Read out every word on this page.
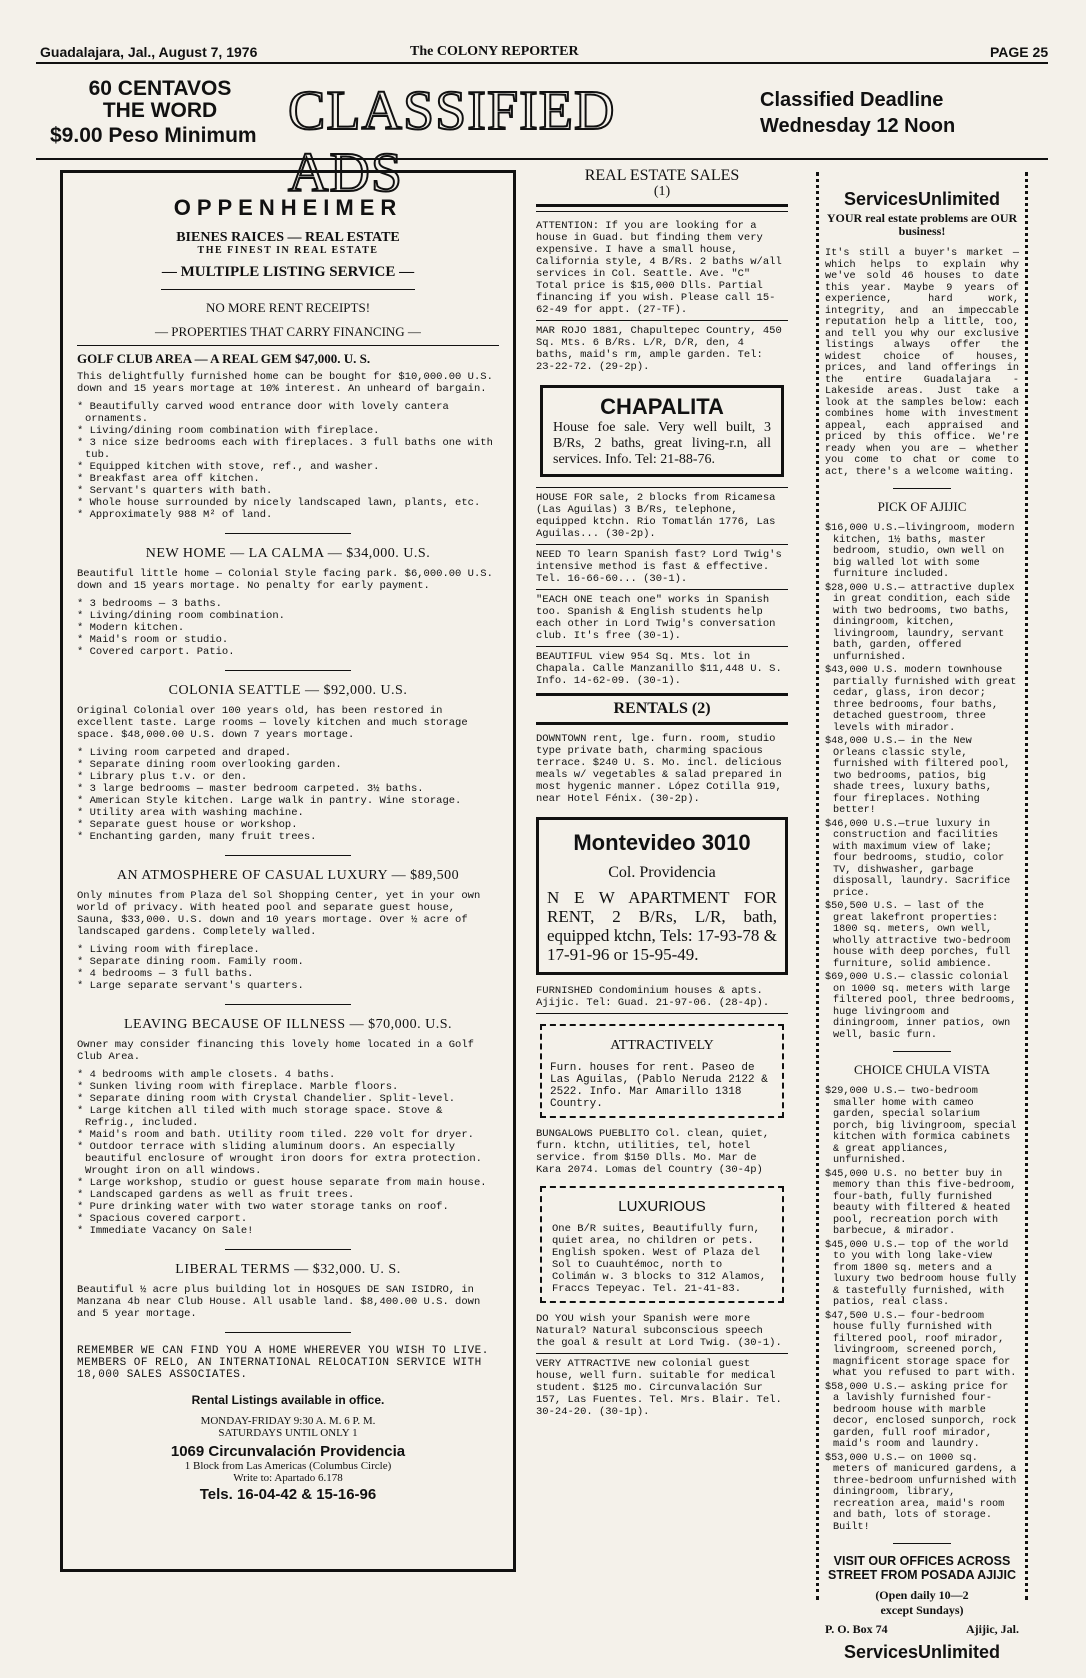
Guadalajara, Jal., August 7, 1976	The COLONY REPORTER	PAGE 25
60 CENTAVOS
THE WORD
$9.00 Peso Minimum CLASSIFIED ADS
Classified Deadline
Wednesday 12 Noon
OPPENHEIMER
BIENES RAICES — REAL ESTATE
THE FINEST IN REAL ESTATE
— MULTIPLE LISTING SERVICE —
NO MORE RENT RECEIPTS!
— PROPERTIES THAT CARRY FINANCING —
GOLF CLUB AREA — A REAL GEM $47,000. U. S.

This delightfully furnished home can be bought for $10,000.00 U.S. down and 15 years mortage at 10% interest. An unheard of bargain.

* Beautifully carved wood entrance door with lovely cantera ornaments.

* Living/dining room combination with fireplace.

* 3 nice size bedrooms each with fireplaces. 3 full baths one with tub.

* Equipped kitchen with stove, ref., and washer.

* Breakfast area off kitchen.

* Servant's quarters with bath.

* Whole house surrounded by nicely landscaped lawn, plants, etc.

* Approximately 988 M² of land.

NEW HOME — LA CALMA — $34,000. U.S.

Beautiful little home — Colonial Style facing park. $6,000.00 U.S. down and 15 years mortage. No penalty for early payment.

* 3 bedrooms — 3 baths.

* Living/dining room combination.

* Modern kitchen.

* Maid's room or studio.

* Covered carport. Patio.

COLONIA SEATTLE — $92,000. U.S.

Original Colonial over 100 years old, has been restored in excellent taste. Large rooms — lovely kitchen and much storage space. $48,000.00 U.S. down 7 years mortage.

* Living room carpeted and draped.

* Separate dining room overlooking garden.

* Library plus t.v. or den.

* 3 large bedrooms — master bedroom carpeted. 3½ baths.

* American Style kitchen. Large walk in pantry. Wine storage.

* Utility area with washing machine.

* Separate guest house or workshop.

* Enchanting garden, many fruit trees.

AN ATMOSPHERE OF CASUAL LUXURY — $89,500

Only minutes from Plaza del Sol Shopping Center, yet in your own world of privacy. With heated pool and separate guest house, Sauna, $33,000. U.S. down and 10 years mortage. Over ½ acre of landscaped gardens. Completely walled.

* Living room with fireplace.

* Separate dining room. Family room.

* 4 bedrooms — 3 full baths.

* Large separate servant's quarters.

LEAVING BECAUSE OF ILLNESS — $70,000. U.S.

Owner may consider financing this lovely home located in a Golf Club Area.

* 4 bedrooms with ample closets. 4 baths.

* Sunken living room with fireplace. Marble floors.

* Separate dining room with Crystal Chandelier. Split-level.

* Large kitchen all tiled with much storage space. Stove & Refrig., included.

* Maid's room and bath. Utility room tiled. 220 volt for dryer.

* Outdoor terrace with sliding aluminum doors. An especially beautiful enclosure of wrought iron doors for extra protection. Wrought iron on all windows.

* Large workshop, studio or guest house separate from main house.

* Landscaped gardens as well as fruit trees.

* Pure drinking water with two water storage tanks on roof.

* Spacious covered carport.

* Immediate Vacancy On Sale!

LIBERAL TERMS — $32,000. U. S.

Beautiful ½ acre plus building lot in HOSQUES DE SAN ISIDRO, in Manzana 4b near Club House. All usable land. $8,400.00 U.S. down and 5 year mortage.

REMEMBER WE CAN FIND YOU A HOME WHEREVER YOU WISH TO LIVE. MEMBERS OF RELO, AN INTERNATIONAL RELOCATION SERVICE WITH 18,000 SALES ASSOCIATES.

Rental Listings available in office.
MONDAY-FRIDAY 9:30 A. M. 6 P. M.
SATURDAYS UNTIL ONLY 1
1069 Circunvalación Providencia
1 Block from Las Americas (Columbus Circle)
Write to: Apartado 6.178
Tels. 16-04-42 & 15-16-96
REAL ESTATE SALES
(1)
ATTENTION: If you are looking for a house in Guad. but finding them very expensive. I have a small house, California style, 4 B/Rs. 2 baths w/all services in Col. Seattle. Ave. "C" Total price is $15,000 Dlls. Partial financing if you wish. Please call 15-62-49 for appt. (27-TF).
MAR ROJO 1881, Chapultepec Country, 450 Sq. Mts. 6 B/Rs. L/R, D/R, den, 4 baths, maid's rm, ample garden. Tel: 23-22-72. (29-2p).
CHAPALITA
House foe sale. Very well built, 3 B/Rs, 2 baths, great living-r.n, all services. Info. Tel: 21-88-76.
HOUSE FOR sale, 2 blocks from Ricamesa (Las Aguilas) 3 B/Rs, telephone, equipped ktchn. Rio Tomatlán 1776, Las Aguilas... (30-2p).
NEED TO learn Spanish fast? Lord Twig's intensive method is fast & effective. Tel. 16-66-60... (30-1).
"EACH ONE teach one" works in Spanish too. Spanish & English students help each other in Lord Twig's conversation club. It's free (30-1).
BEAUTIFUL view 954 Sq. Mts. lot in Chapala. Calle Manzanillo $11,448 U. S. Info. 14-62-09. (30-1).
RENTALS (2)
DOWNTOWN rent, lge. furn. room, studio type private bath, charming spacious terrace. $240 U. S. Mo. incl. delicious meals w/ vegetables & salad prepared in most hygenic manner. López Cotilla 919, near Hotel Fénix. (30-2p).
Montevideo 3010
Col. Providencia
N E W APARTMENT FOR RENT, 2 B/Rs, L/R, bath, equipped ktchn, Tels: 17-93-78 & 17-91-96 or 15-95-49.
FURNISHED Condominium houses & apts. Ajijic. Tel: Guad. 21-97-06. (28-4p).
ATTRACTIVELY
Furn. houses for rent. Paseo de Las Aguilas, (Pablo Neruda 2122 & 2522. Info. Mar Amarillo 1318 Country.
BUNGALOWS PUEBLITO Col. clean, quiet, furn. ktchn, utilities, tel, hotel service. from $150 Dlls. Mo. Mar de Kara 2074. Lomas del Country (30-4p)
LUXURIOUS
One B/R suites, Beautifully furn, quiet area, no children or pets. English spoken. West of Plaza del Sol to Cuauhtémoc, north to Colimán w. 3 blocks to 312 Alamos, Fraccs Tepeyac. Tel. 21-41-83.
DO YOU wish your Spanish were more Natural? Natural subconscious speech the goal & result at Lord Twig. (30-1).
VERY ATTRACTIVE new colonial guest house, well furn. suitable for medical student. $125 mo. Circunvalación Sur 157, Las Fuentes. Tel. Mrs. Blair. Tel. 30-24-20. (30-1p).
ServicesUnlimited
YOUR real estate problems are OUR business!

It's still a buyer's market — which helps to explain why we've sold 46 houses to date this year. Maybe 9 years of experience, hard work, integrity, and an impeccable reputation help a little, too, and tell you why our exclusive listings always offer the widest choice of houses, prices, and land offerings in the entire Guadalajara - Lakeside areas. Just take a look at the samples below: each combines home with investment appeal, each appraised and priced by this office. We're ready when you are — whether you come to chat or come to act, there's a welcome waiting.

PICK OF AJIJIC

$16,000 U.S.—livingroom, modern kitchen, 1½ baths, master bedroom, studio, own well on big walled lot with some furniture included.

$28,000 U.S.— attractive duplex in great condition, each side with two bedrooms, two baths, diningroom, kitchen, livingroom, laundry, servant bath, garden, offered unfurnished.

$43,000 U.S. modern townhouse partially furnished with great cedar, glass, iron decor; three bedrooms, four baths, detached guestroom, three levels with mirador.

$48,000 U.S.— in the New Orleans classic style, furnished with filtered pool, two bedrooms, patios, big shade trees, luxury baths, four fireplaces. Nothing better!

$46,000 U.S.—true luxury in construction and facilities with maximum view of lake; four bedrooms, studio, color TV, dishwasher, garbage disposall, laundry. Sacrifice price.

$50,500 U.S. — last of the great lakefront properties: 1800 sq. meters, own well, wholly attractive two-bedroom house with deep porches, full furniture, solid ambience.

$69,000 U.S.— classic colonial on 1000 sq. meters with large filtered pool, three bedrooms, huge livingroom and diningroom, inner patios, own well, basic furn.

CHOICE CHULA VISTA

$29,000 U.S.— two-bedroom smaller home with cameo garden, special solarium porch, big livingroom, special kitchen with formica cabinets & great appliances, unfurnished.

$45,000 U.S. no better buy in memory than this five-bedroom, four-bath, fully furnished beauty with filtered & heated pool, recreation porch with barbecue, & mirador.

$45,000 U.S.— top of the world to you with long lake-view from 1800 sq. meters and a luxury two bedroom house fully & tastefully furnished, with patios, real class.

$47,500 U.S.— four-bedroom house fully furnished with filtered pool, roof mirador, livingroom, screened porch, magnificent storage space for what you refused to part with.

$58,000 U.S.— asking price for a lavishly furnished four-bedroom house with marble decor, enclosed sunporch, rock garden, full roof mirador, maid's room and laundry.

$53,000 U.S.— on 1000 sq. meters of manicured gardens, a three-bedroom unfurnished with diningroom, library, recreation area, maid's room and bath, lots of storage. Built!

VISIT OUR OFFICES ACROSS STREET FROM POSADA AJIJIC
(Open daily 10—2
except Sundays)
P. O. Box 74	Ajijic, Jal.
ServicesUnlimited
